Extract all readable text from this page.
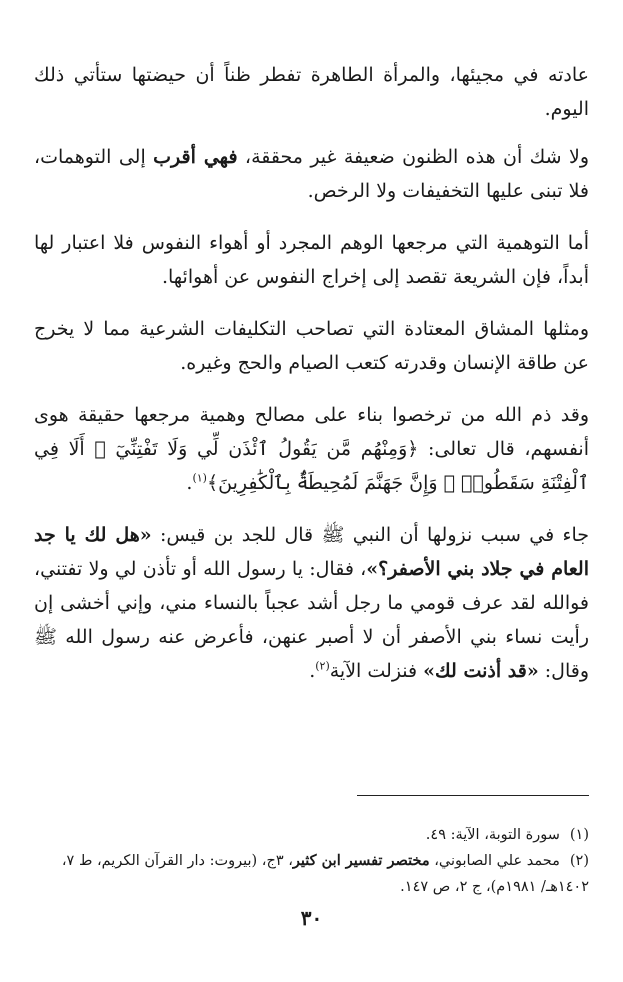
عادته في مجيئها، والمرأة الطاهرة تفطر ظناً أن حيضتها ستأتي ذلك اليوم.

ولا شك أن هذه الظنون ضعيفة غير محققة، فهي أقرب إلى التوهمات، فلا تبنى عليها التخفيفات ولا الرخص.

أما التوهمية التي مرجعها الوهم المجرد أو أهواء النفوس فلا اعتبار لها أبداً، فإن الشريعة تقصد إلى إخراج النفوس عن أهوائها.

ومثلها المشاق المعتادة التي تصاحب التكليفات الشرعية مما لا يخرج عن طاقة الإنسان وقدرته كتعب الصيام والحج وغيره.

وقد ذم الله من ترخصوا بناء على مصالح وهمية مرجعها حقيقة هوى أنفسهم، قال تعالى: ﴿وَمِنْهُم مَّن يَقُولُ ٱئْذَن لِّي وَلَا تَفْتِنِّيٓ ۚ أَلَا فِي ٱلْفِتْنَةِ سَقَطُوا۟ ۗ وَإِنَّ جَهَنَّمَ لَمُحِيطَةٌۢ بِٱلْكَٰفِرِينَ﴾$^{(١)}$.

جاء في سبب نزولها أن النبي ﷺ قال للجد بن قيس: «هل لك يا جد العام في جلاد بني الأصفر؟»، فقال: يا رسول الله أو تأذن لي ولا تفتني، فوالله لقد عرف قومي ما رجل أشد عجباً بالنساء مني، وإني أخشى إن رأيت نساء بني الأصفر أن لا أصبر عنهن، فأعرض عنه رسول الله ﷺ وقال: «قد أذنت لك» فنزلت الآية$^{(٢)}$.

(١)سورة التوبة، الآية: ٤٩.

(٢)محمد علي الصابوني، مختصر تفسير ابن كثير، ٣ج، (بيروت: دار القرآن الكريم، ط ٧، ١٤٠٢هـ/ ١٩٨١م)، ج ٢، ص ١٤٧.

٣٠
